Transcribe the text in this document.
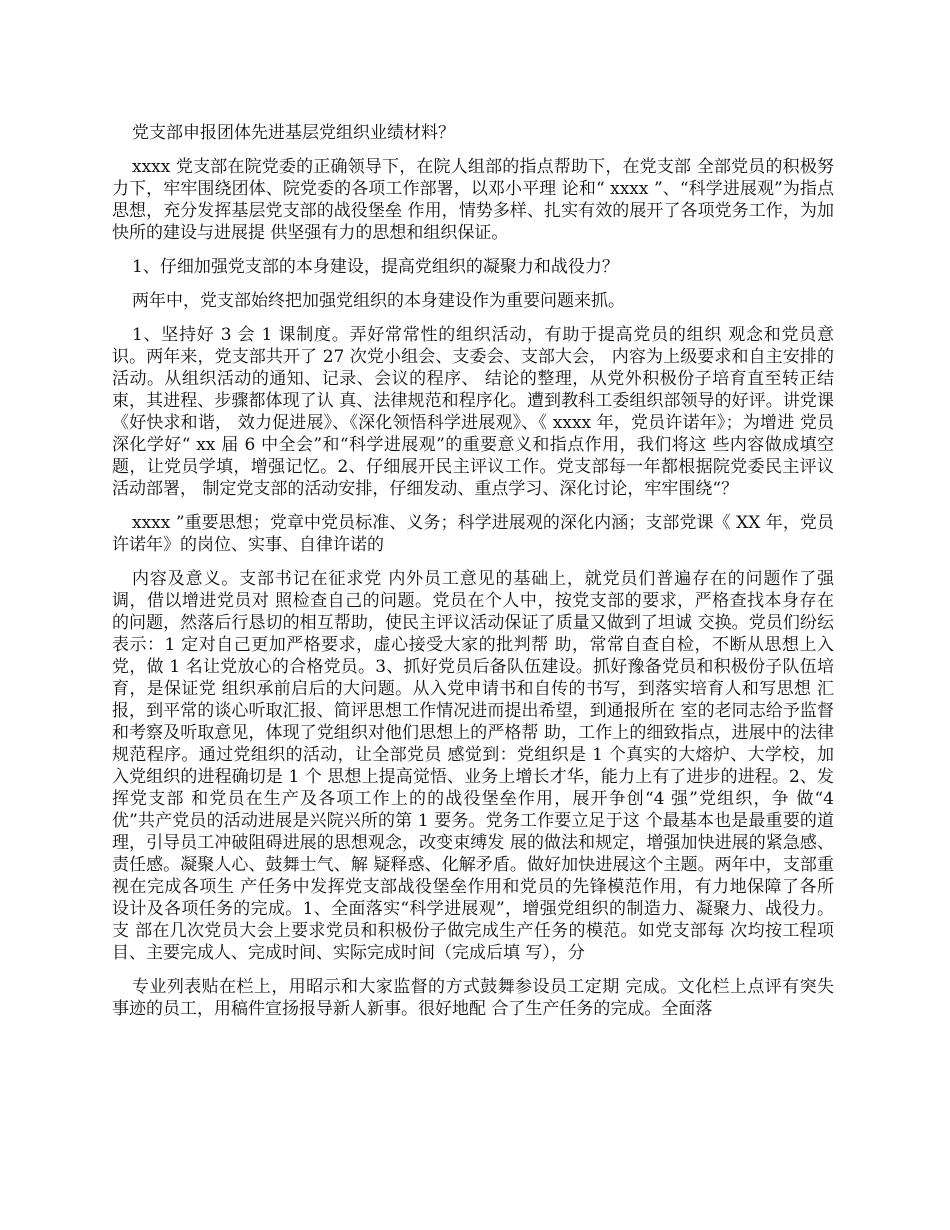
党支部申报团体先进基层党组织业绩材料？

xxxx 党支部在院党委的正确领导下，在院人组部的指点帮助下，在党支部 全部党员的积极努力下，牢牢围绕团体、院党委的各项工作部署，以邓小平理 论和“ xxxx ”、“科学进展观”为指点思想，充分发挥基层党支部的战役堡垒 作用，情势多样、扎实有效的展开了各项党务工作，为加快所的建设与进展提 供坚强有力的思想和组织保证。

1、仔细加强党支部的本身建设，提高党组织的凝聚力和战役力？

两年中，党支部始终把加强党组织的本身建设作为重要问题来抓。

1、坚持好 3 会 1 课制度。弄好常常性的组织活动，有助于提高党员的组织 观念和党员意识。两年来，党支部共开了 27 次党小组会、支委会、支部大会， 内容为上级要求和自主安排的活动。从组织活动的通知、记录、会议的程序、 结论的整理，从党外积极份子培育直至转正结束，其进程、步骤都体现了认 真、法律规范和程序化。遭到教科工委组织部领导的好评。讲党课《好快求和谐， 效力促进展》、《深化领悟科学进展观》、《 xxxx 年，党员许诺年》；为增进 党员深化学好“ xx 届 6 中全会”和“科学进展观”的重要意义和指点作用，我们将这 些内容做成填空题，让党员学填，增强记忆。2、仔细展开民主评议工作。党支部每一年都根据院党委民主评议活动部署， 制定党支部的活动安排，仔细发动、重点学习、深化讨论，牢牢围绕“？

xxxx ”重要思想；党章中党员标准、义务；科学进展观的深化内涵；支部党课《 XX 年，党员许诺年》的岗位、实事、自律许诺的

内容及意义。支部书记在征求党 内外员工意见的基础上，就党员们普遍存在的问题作了强调，借以增进党员对 照检查自己的问题。党员在个人中，按党支部的要求，严格查找本身存在 的问题，然落后行恳切的相互帮助，使民主评议活动保证了质量又做到了坦诚 交换。党员们纷纭表示：1 定对自己更加严格要求，虚心接受大家的批判帮 助，常常自查自检，不断从思想上入党，做 1 名让党放心的合格党员。3、抓好党员后备队伍建设。抓好豫备党员和积极份子队伍培育，是保证党 组织承前启后的大问题。从入党申请书和自传的书写，到落实培育人和写思想 汇报，到平常的谈心听取汇报、简评思想工作情况进而提出希望，到通报所在 室的老同志给予监督和考察及听取意见，体现了党组织对他们思想上的严格帮 助，工作上的细致指点，进展中的法律规范程序。通过党组织的活动，让全部党员 感觉到：党组织是 1 个真实的大熔炉、大学校，加入党组织的进程确切是 1 个 思想上提高觉悟、业务上增长才华，能力上有了进步的进程。2、发挥党支部 和党员在生产及各项工作上的的战役堡垒作用，展开争创“4 强”党组织，争 做“4 优”共产党员的活动进展是兴院兴所的第 1 要务。党务工作要立足于这 个最基本也是最重要的道理，引导员工冲破阻碍进展的思想观念，改变束缚发 展的做法和规定，增强加快进展的紧急感、责任感。凝聚人心、鼓舞士气、解 疑释惑、化解矛盾。做好加快进展这个主题。两年中，支部重视在完成各项生 产任务中发挥党支部战役堡垒作用和党员的先锋模范作用，有力地保障了各所 设计及各项任务的完成。1、全面落实“科学进展观”，增强党组织的制造力、凝聚力、战役力。支 部在几次党员大会上要求党员和积极份子做完成生产任务的模范。如党支部每 次均按工程项目、主要完成人、完成时间、实际完成时间（完成后填 写），分

专业列表贴在栏上，用昭示和大家监督的方式鼓舞参设员工定期 完成。文化栏上点评有突失事迹的员工，用稿件宣扬报导新人新事。很好地配 合了生产任务的完成。全面落
